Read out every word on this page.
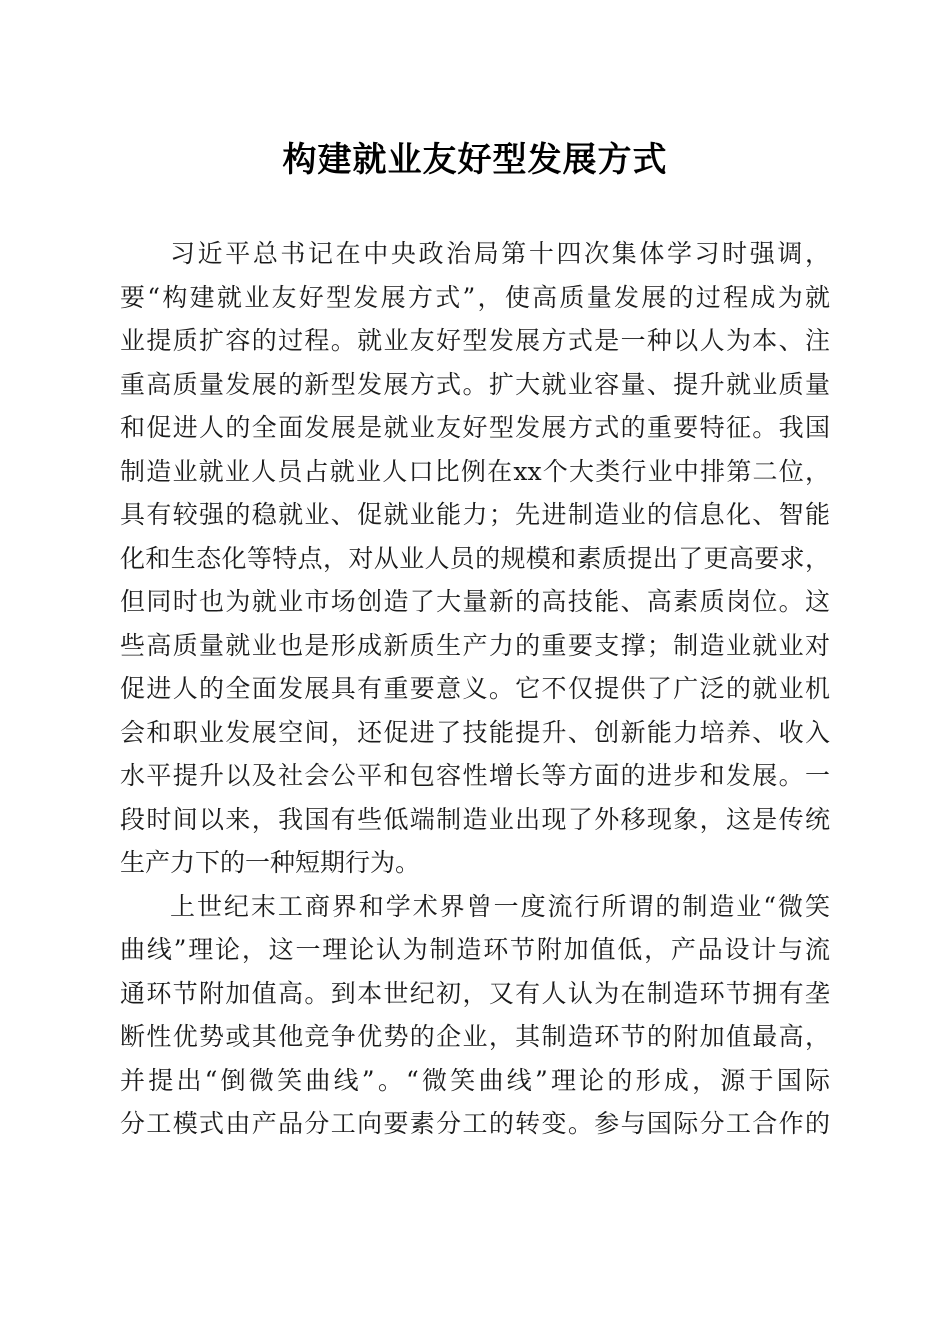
构建就业友好型发展方式
习近平总书记在中央政治局第十四次集体学习时强调，
要“构建就业友好型发展方式”，使高质量发展的过程成为就
业提质扩容的过程。就业友好型发展方式是一种以人为本、注
重高质量发展的新型发展方式。扩大就业容量、提升就业质量
和促进人的全面发展是就业友好型发展方式的重要特征。我国
制造业就业人员占就业人口比例在xx个大类行业中排第二位，
具有较强的稳就业、促就业能力；先进制造业的信息化、智能
化和生态化等特点，对从业人员的规模和素质提出了更高要求，
但同时也为就业市场创造了大量新的高技能、高素质岗位。这
些高质量就业也是形成新质生产力的重要支撑；制造业就业对
促进人的全面发展具有重要意义。它不仅提供了广泛的就业机
会和职业发展空间，还促进了技能提升、创新能力培养、收入
水平提升以及社会公平和包容性增长等方面的进步和发展。一
段时间以来，我国有些低端制造业出现了外移现象，这是传统
生产力下的一种短期行为。
上世纪末工商界和学术界曾一度流行所谓的制造业“微笑
曲线”理论，这一理论认为制造环节附加值低，产品设计与流
通环节附加值高。到本世纪初，又有人认为在制造环节拥有垄
断性优势或其他竞争优势的企业，其制造环节的附加值最高，
并提出“倒微笑曲线”。“微笑曲线”理论的形成，源于国际
分工模式由产品分工向要素分工的转变。参与国际分工合作的
